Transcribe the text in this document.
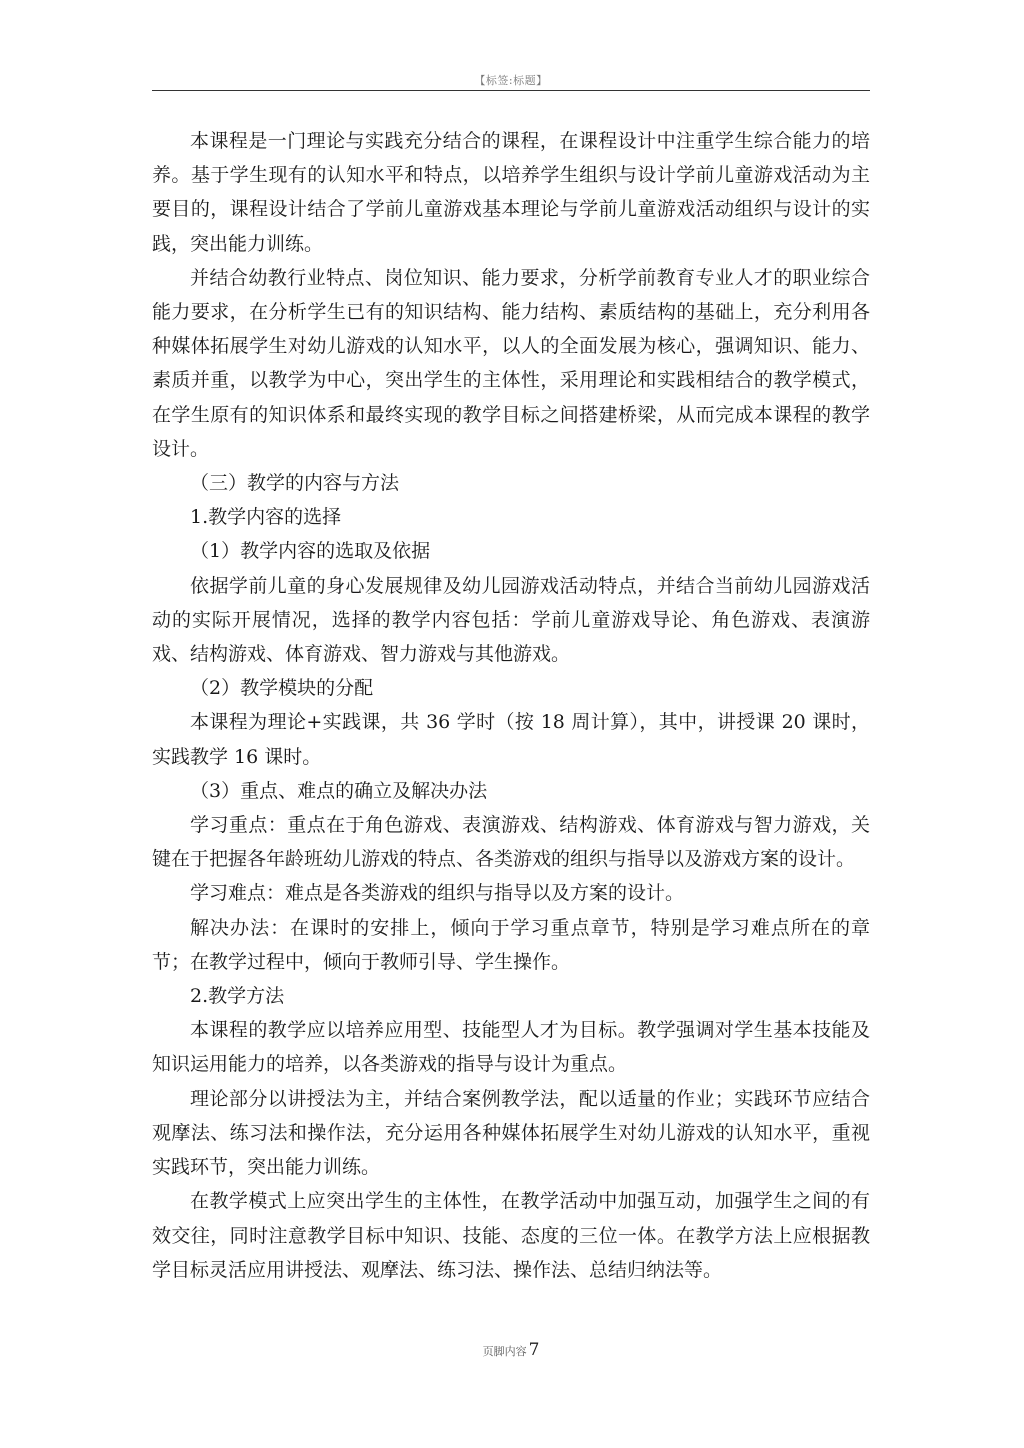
【标签:标题】

本课程是一门理论与实践充分结合的课程，在课程设计中注重学生综合能力的培养。基于学生现有的认知水平和特点，以培养学生组织与设计学前儿童游戏活动为主要目的，课程设计结合了学前儿童游戏基本理论与学前儿童游戏活动组织与设计的实践，突出能力训练。

并结合幼教行业特点、岗位知识、能力要求，分析学前教育专业人才的职业综合能力要求，在分析学生已有的知识结构、能力结构、素质结构的基础上，充分利用各种媒体拓展学生对幼儿游戏的认知水平，以人的全面发展为核心，强调知识、能力、素质并重，以教学为中心，突出学生的主体性，采用理论和实践相结合的教学模式，在学生原有的知识体系和最终实现的教学目标之间搭建桥梁，从而完成本课程的教学设计。

（三）教学的内容与方法

1.教学内容的选择

（1）教学内容的选取及依据

依据学前儿童的身心发展规律及幼儿园游戏活动特点，并结合当前幼儿园游戏活动的实际开展情况，选择的教学内容包括：学前儿童游戏导论、角色游戏、表演游戏、结构游戏、体育游戏、智力游戏与其他游戏。

（2）教学模块的分配

本课程为理论+实践课，共 36 学时（按 18 周计算），其中，讲授课 20 课时，实践教学 16 课时。

（3）重点、难点的确立及解决办法

学习重点：重点在于角色游戏、表演游戏、结构游戏、体育游戏与智力游戏，关键在于把握各年龄班幼儿游戏的特点、各类游戏的组织与指导以及游戏方案的设计。

学习难点：难点是各类游戏的组织与指导以及方案的设计。

解决办法：在课时的安排上，倾向于学习重点章节，特别是学习难点所在的章节；在教学过程中，倾向于教师引导、学生操作。

2.教学方法

本课程的教学应以培养应用型、技能型人才为目标。教学强调对学生基本技能及知识运用能力的培养，以各类游戏的指导与设计为重点。

理论部分以讲授法为主，并结合案例教学法，配以适量的作业；实践环节应结合观摩法、练习法和操作法，充分运用各种媒体拓展学生对幼儿游戏的认知水平，重视实践环节，突出能力训练。

在教学模式上应突出学生的主体性，在教学活动中加强互动，加强学生之间的有效交往，同时注意教学目标中知识、技能、态度的三位一体。在教学方法上应根据教学目标灵活应用讲授法、观摩法、练习法、操作法、总结归纳法等。

页脚内容 7
